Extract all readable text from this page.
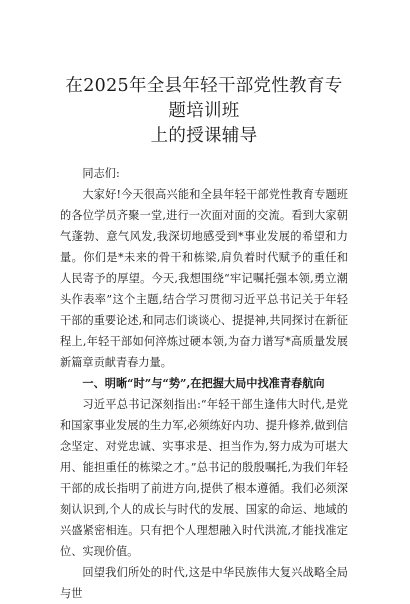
在2025年全县年轻干部党性教育专题培训班
上的授课辅导

同志们:

大家好!今天很高兴能和全县年轻干部党性教育专题班的各位学员齐聚一堂,进行一次面对面的交流。看到大家朝气蓬勃、意气风发,我深切地感受到*事业发展的希望和力量。你们是*未来的骨干和栋梁,肩负着时代赋予的重任和人民寄予的厚望。今天,我想围绕“牢记嘱托强本领,勇立潮头作表率”这个主题,结合学习贯彻习近平总书记关于年轻干部的重要论述,和同志们谈谈心、提提神,共同探讨在新征程上,年轻干部如何淬炼过硬本领,为奋力谱写*高质量发展新篇章贡献青春力量。

一、明晰“时”与“势”,在把握大局中找准青春航向

习近平总书记深刻指出:“年轻干部生逢伟大时代,是党和国家事业发展的生力军,必须练好内功、提升修养,做到信念坚定、对党忠诚、实事求是、担当作为,努力成为可堪大用、能担重任的栋梁之才。”总书记的殷殷嘱托,为我们年轻干部的成长指明了前进方向,提供了根本遵循。我们必须深刻认识到,个人的成长与时代的发展、国家的命运、地域的兴盛紧密相连。只有把个人理想融入时代洪流,才能找准定位、实现价值。

回望我们所处的时代,这是中华民族伟大复兴战略全局与世
